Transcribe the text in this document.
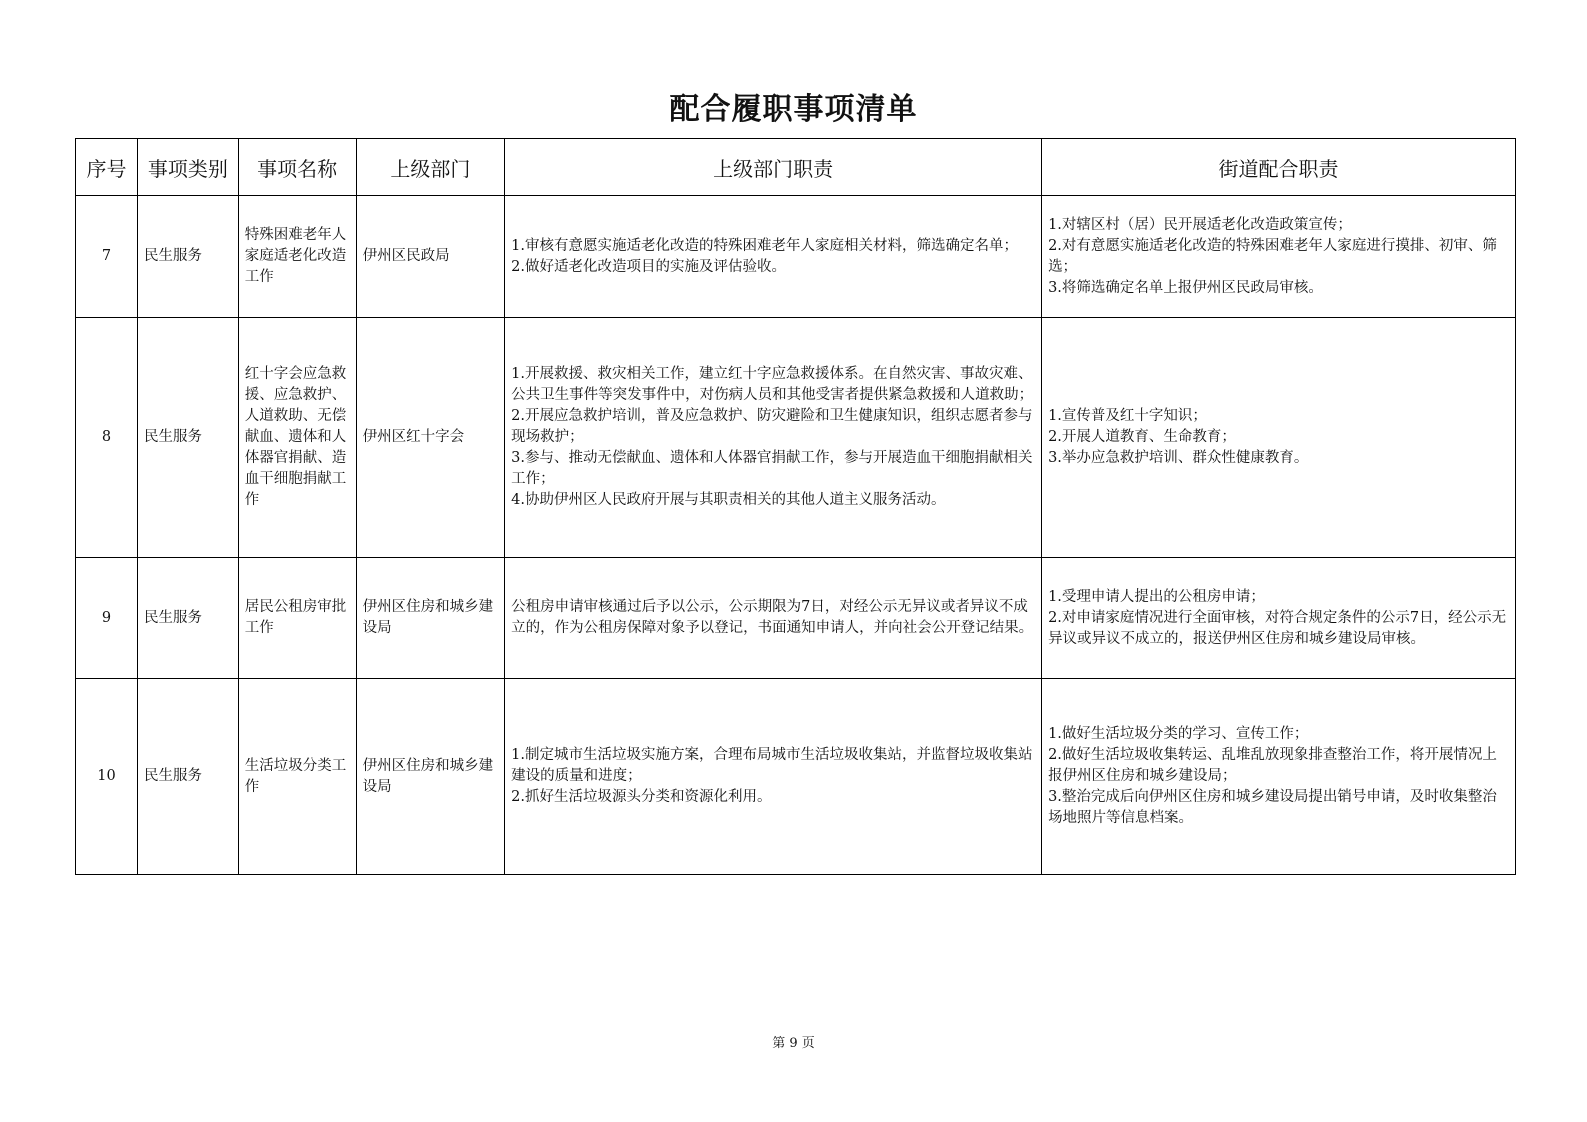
配合履职事项清单
序号	事项类别	事项名称	上级部门	上级部门职责	街道配合职责
7	民生服务	特殊困难老年人家庭适老化改造工作	伊州区民政局	1.审核有意愿实施适老化改造的特殊困难老年人家庭相关材料，筛选确定名单；
2.做好适老化改造项目的实施及评估验收。	1.对辖区村（居）民开展适老化改造政策宣传；
2.对有意愿实施适老化改造的特殊困难老年人家庭进行摸排、初审、筛选；
3.将筛选确定名单上报伊州区民政局审核。

8	民生服务	红十字会应急救援、应急救护、人道救助、无偿献血、遗体和人体器官捐献、造血干细胞捐献工作	伊州区红十字会	1.开展救援、救灾相关工作，建立红十字应急救援体系。在自然灾害、事故灾难、公共卫生事件等突发事件中，对伤病人员和其他受害者提供紧急救援和人道救助；
2.开展应急救护培训，普及应急救护、防灾避险和卫生健康知识，组织志愿者参与现场救护；
3.参与、推动无偿献血、遗体和人体器官捐献工作，参与开展造血干细胞捐献相关工作；
4.协助伊州区人民政府开展与其职责相关的其他人道主义服务活动。	1.宣传普及红十字知识；
2.开展人道教育、生命教育；
3.举办应急救护培训、群众性健康教育。

9	民生服务	居民公租房审批工作	伊州区住房和城乡建设局	公租房申请审核通过后予以公示，公示期限为7日，对经公示无异议或者异议不成立的，作为公租房保障对象予以登记，书面通知申请人，并向社会公开登记结果。	1.受理申请人提出的公租房申请；
2.对申请家庭情况进行全面审核，对符合规定条件的公示7日，经公示无异议或异议不成立的，报送伊州区住房和城乡建设局审核。

10	民生服务	生活垃圾分类工作	伊州区住房和城乡建设局	1.制定城市生活垃圾实施方案，合理布局城市生活垃圾收集站，并监督垃圾收集站建设的质量和进度；
2.抓好生活垃圾源头分类和资源化利用。	1.做好生活垃圾分类的学习、宣传工作；
2.做好生活垃圾收集转运、乱堆乱放现象排查整治工作，将开展情况上报伊州区住房和城乡建设局；
3.整治完成后向伊州区住房和城乡建设局提出销号申请，及时收集整治场地照片等信息档案。
第 9 页
